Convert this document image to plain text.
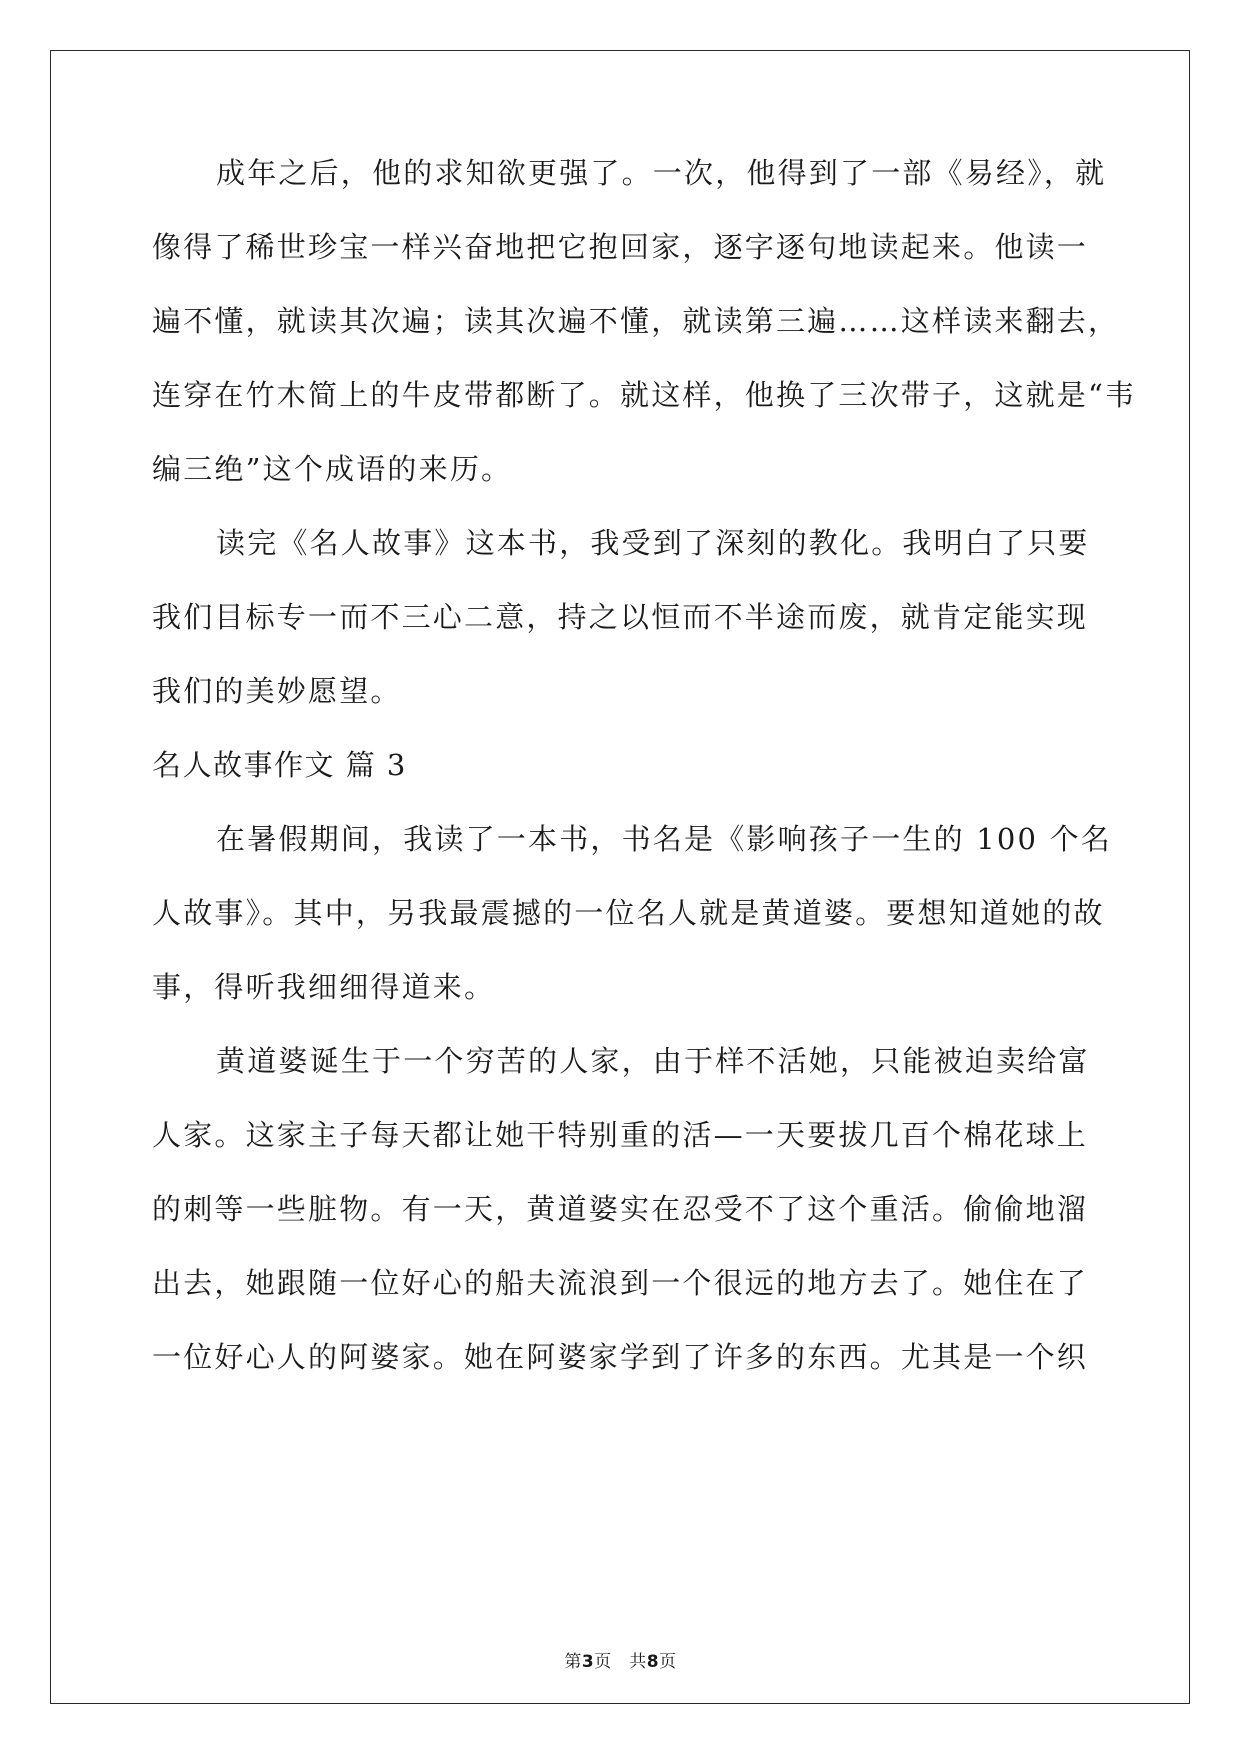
成年之后，他的求知欲更强了。一次，他得到了一部《易经》，就
像得了稀世珍宝一样兴奋地把它抱回家，逐字逐句地读起来。他读一
遍不懂，就读其次遍；读其次遍不懂，就读第三遍……这样读来翻去，
连穿在竹木简上的牛皮带都断了。就这样，他换了三次带子，这就是“韦
编三绝”这个成语的来历。
读完《名人故事》这本书，我受到了深刻的教化。我明白了只要
我们目标专一而不三心二意，持之以恒而不半途而废，就肯定能实现
我们的美妙愿望。
名人故事作文 篇 3
在暑假期间，我读了一本书，书名是《影响孩子一生的 100 个名
人故事》。其中，另我最震撼的一位名人就是黄道婆。要想知道她的故
事，得听我细细得道来。
黄道婆诞生于一个穷苦的人家，由于样不活她，只能被迫卖给富
人家。这家主子每天都让她干特别重的活—一天要拔几百个棉花球上
的刺等一些脏物。有一天，黄道婆实在忍受不了这个重活。偷偷地溜
出去，她跟随一位好心的船夫流浪到一个很远的地方去了。她住在了
一位好心人的阿婆家。她在阿婆家学到了许多的东西。尤其是一个织
第3页　共8页
